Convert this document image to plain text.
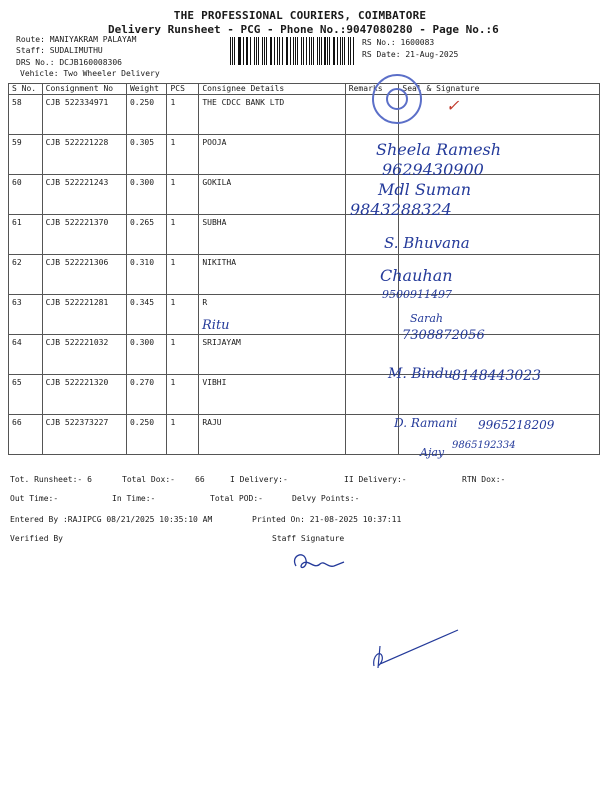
THE PROFESSIONAL COURIERS, COIMBATORE
Delivery Runsheet - PCG - Phone No.:9047080280 - Page No.:6
Route: MANIYAKRAM PALAYAM
Staff: SUDALIMUTHU
DRS No.: DCJB160008306
Vehicle: Two Wheeler Delivery
RS No.: 1600083
RS Date: 21-Aug-2025
S No.	Consignment No	Weight	PCS	Consignee Details	Remarks	Seal & Signature
58	CJB 522334971	0.250	1	THE CDCC BANK LTD		
59	CJB 522221228	0.305	1	POOJA		
60	CJB 522221243	0.300	1	GOKILA		
61	CJB 522221370	0.265	1	SUBHA		
62	CJB 522221306	0.310	1	NIKITHA		
63	CJB 522221281	0.345	1	R		
64	CJB 522221032	0.300	1	SRIJAYAM		
65	CJB 522221320	0.270	1	VIBHI		
66	CJB 522373227	0.250	1	RAJU		
✓
Sheela Ramesh
9629430900
Mdl Suman
9843288324
S. Bhuvana
Chauhan
9500911497
Ritu	Sarah
7308872056
M. Bindu 8148443023
D. Ramani 9965218209
Ajay
9865192334
Tot. Runsheet:- 6	Total Dox:-	66	I Delivery:-	II Delivery:-	RTN Dox:-
Out Time:-	In Time:-	Total POD:-	Delvy Points:-
Entered By :RAJIPCG 08/21/2025 10:35:10 AM	Printed On: 21-08-2025 10:37:11
Verified By	Staff Signature
